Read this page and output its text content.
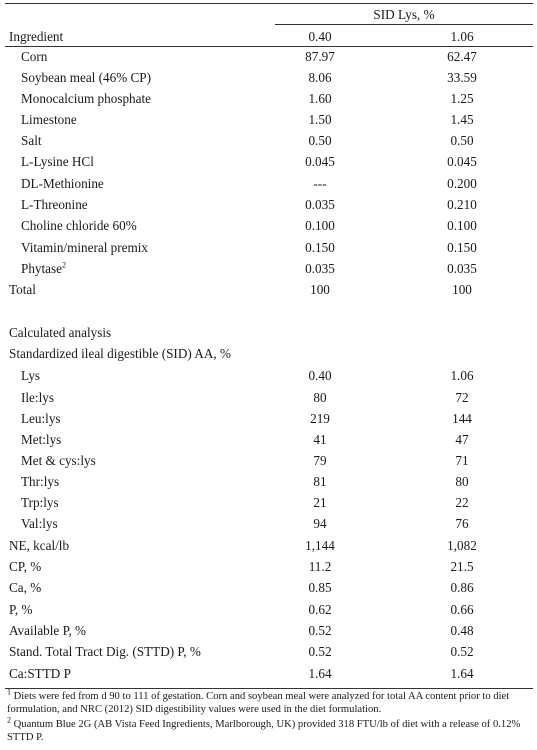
SID Lys, %
Ingredient	0.40	1.06
Corn	87.97	62.47
Soybean meal (46% CP)	8.06	33.59
Monocalcium phosphate	1.60	1.25
Limestone	1.50	1.45
Salt	0.50	0.50
L-Lysine HCl	0.045	0.045
DL-Methionine	---	0.200
L-Threonine	0.035	0.210
Choline chloride 60%	0.100	0.100
Vitamin/mineral premix	0.150	0.150
Phytase$^2$	0.035	0.035
Total	100	100
Calculated analysis
Standardized ileal digestible (SID) AA, %
Lys	0.40	1.06
Ile:lys	80	72
Leu:lys	219	144
Met:lys	41	47
Met & cys:lys	79	71
Thr:lys	81	80
Trp:lys	21	22
Val:lys	94	76
NE, kcal/lb	1,144	1,082
CP, %	11.2	21.5
Ca, %	0.85	0.86
P, %	0.62	0.66
Available P, %	0.52	0.48
Stand. Total Tract Dig. (STTD) P, %	0.52	0.52
Ca:STTD P	1.64	1.64
$^1$ Diets were fed from d 90 to 111 of gestation. Corn and soybean meal were analyzed for total AA content prior to diet formulation, and NRC (2012) SID digestibility values were used in the diet formulation.
$^2$ Quantum Blue 2G (AB Vista Feed Ingredients, Marlborough, UK) provided 318 FTU/lb of diet with a release of 0.12% STTD P.
